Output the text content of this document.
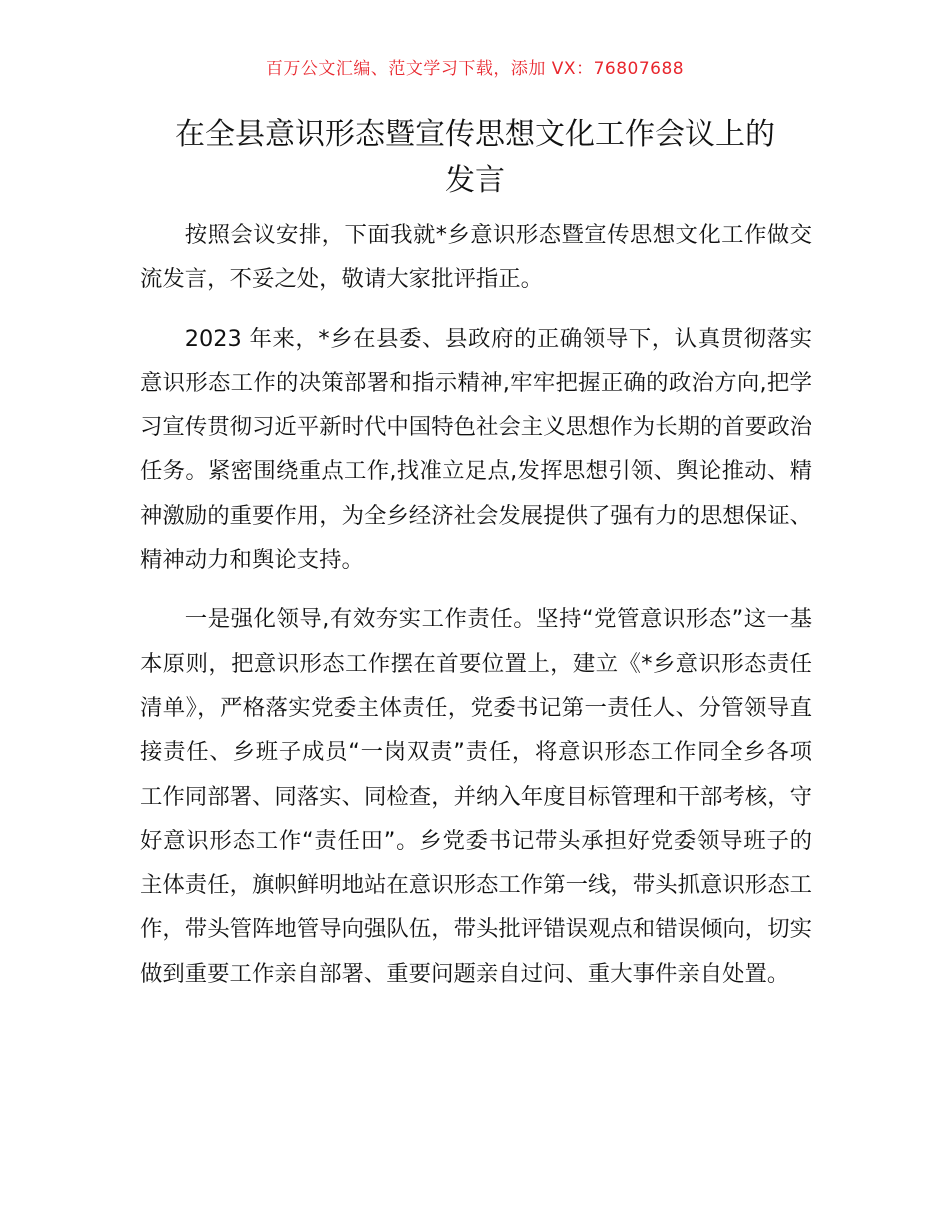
百万公文汇编、范文学习下载，添加 VX：76807688
在全县意识形态暨宣传思想文化工作会议上的
发言

按照会议安排，下面我就*乡意识形态暨宣传思想文化工作做交流发言，不妥之处，敬请大家批评指正。

2023 年来，*乡在县委、县政府的正确领导下，认真贯彻落实意识形态工作的决策部署和指示精神,牢牢把握正确的政治方向,把学习宣传贯彻习近平新时代中国特色社会主义思想作为长期的首要政治任务。紧密围绕重点工作,找准立足点,发挥思想引领、舆论推动、精神激励的重要作用，为全乡经济社会发展提供了强有力的思想保证、精神动力和舆论支持。

一是强化领导,有效夯实工作责任。坚持“党管意识形态”这一基本原则，把意识形态工作摆在首要位置上，建立《*乡意识形态责任清单》，严格落实党委主体责任，党委书记第一责任人、分管领导直接责任、乡班子成员“一岗双责”责任，将意识形态工作同全乡各项工作同部署、同落实、同检查，并纳入年度目标管理和干部考核，守好意识形态工作“责任田”。乡党委书记带头承担好党委领导班子的主体责任，旗帜鲜明地站在意识形态工作第一线，带头抓意识形态工作，带头管阵地管导向强队伍，带头批评错误观点和错误倾向，切实做到重要工作亲自部署、重要问题亲自过问、重大事件亲自处置。
